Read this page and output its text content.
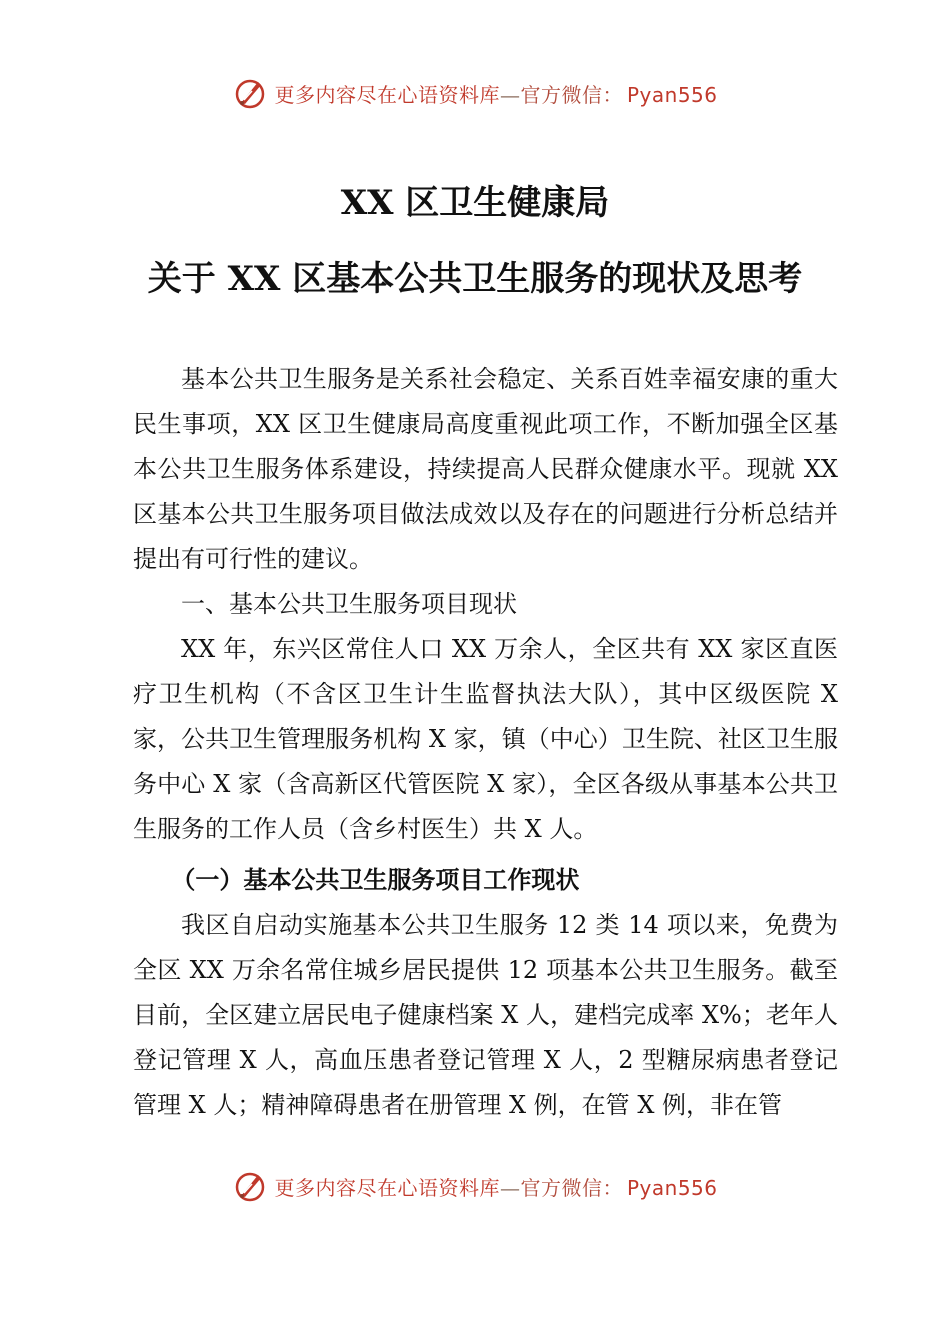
更多内容尽在心语资料库—官方微信： Pyan556
XX 区卫生健康局
关于 XX 区基本公共卫生服务的现状及思考

基本公共卫生服务是关系社会稳定、关系百姓幸福安康的重大民生事项，XX 区卫生健康局高度重视此项工作，不断加强全区基本公共卫生服务体系建设，持续提高人民群众健康水平。现就 XX 区基本公共卫生服务项目做法成效以及存在的问题进行分析总结并提出有可行性的建议。

一、基本公共卫生服务项目现状

XX 年，东兴区常住人口 XX 万余人，全区共有 XX 家区直医疗卫生机构（不含区卫生计生监督执法大队），其中区级医院 X 家，公共卫生管理服务机构 X 家，镇（中心）卫生院、社区卫生服务中心 X 家（含高新区代管医院 X 家），全区各级从事基本公共卫生服务的工作人员（含乡村医生）共 X 人。

（一）基本公共卫生服务项目工作现状

我区自启动实施基本公共卫生服务 12 类 14 项以来，免费为全区 XX 万余名常住城乡居民提供 12 项基本公共卫生服务。截至目前，全区建立居民电子健康档案 X 人，建档完成率 X%；老年人登记管理 X 人，高血压患者登记管理 X 人，2 型糖尿病患者登记管理 X 人；精神障碍患者在册管理 X 例，在管 X 例，非在管

更多内容尽在心语资料库—官方微信： Pyan556
